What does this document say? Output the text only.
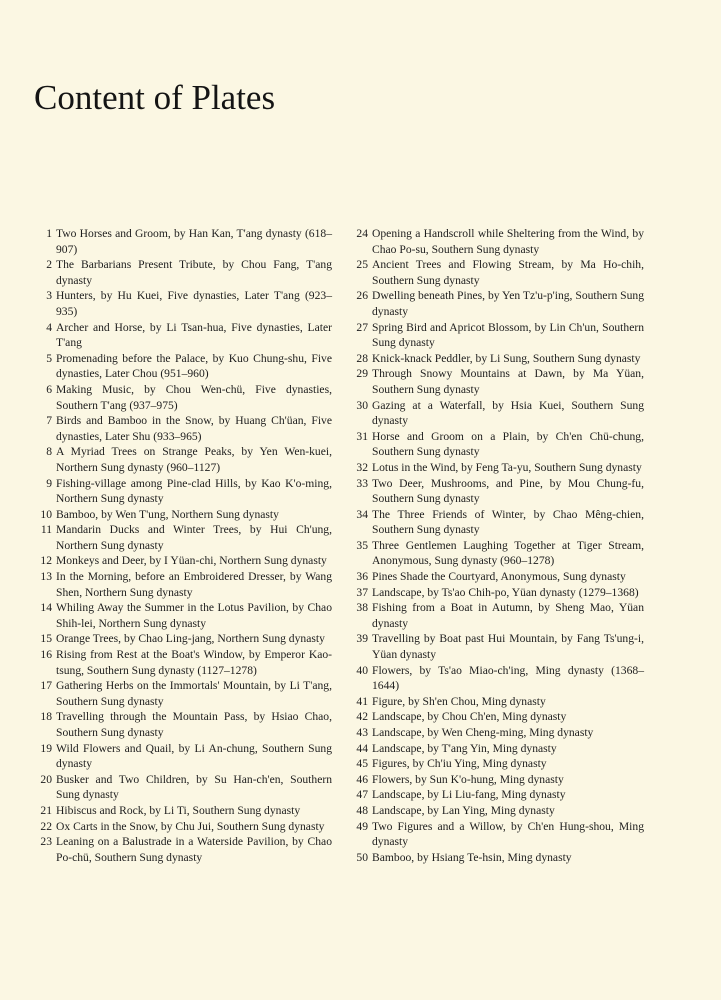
Content of Plates
1 Two Horses and Groom, by Han Kan, T'ang dynasty (618–907)
2 The Barbarians Present Tribute, by Chou Fang, T'ang dynasty
3 Hunters, by Hu Kuei, Five dynasties, Later T'ang (923–935)
4 Archer and Horse, by Li Tsan-hua, Five dynasties, Later T'ang
5 Promenading before the Palace, by Kuo Chung-shu, Five dynasties, Later Chou (951–960)
6 Making Music, by Chou Wen-chü, Five dynasties, Southern T'ang (937–975)
7 Birds and Bamboo in the Snow, by Huang Ch'üan, Five dynasties, Later Shu (933–965)
8 A Myriad Trees on Strange Peaks, by Yen Wen-kuei, Northern Sung dynasty (960–1127)
9 Fishing-village among Pine-clad Hills, by Kao K'o-ming, Northern Sung dynasty
10 Bamboo, by Wen T'ung, Northern Sung dynasty
11 Mandarin Ducks and Winter Trees, by Hui Ch'ung, Northern Sung dynasty
12 Monkeys and Deer, by I Yüan-chi, Northern Sung dynasty
13 In the Morning, before an Embroidered Dresser, by Wang Shen, Northern Sung dynasty
14 Whiling Away the Summer in the Lotus Pavilion, by Chao Shih-lei, Northern Sung dynasty
15 Orange Trees, by Chao Ling-jang, Northern Sung dynasty
16 Rising from Rest at the Boat's Window, by Emperor Kao-tsung, Southern Sung dynasty (1127–1278)
17 Gathering Herbs on the Immortals' Mountain, by Li T'ang, Southern Sung dynasty
18 Travelling through the Mountain Pass, by Hsiao Chao, Southern Sung dynasty
19 Wild Flowers and Quail, by Li An-chung, Southern Sung dynasty
20 Busker and Two Children, by Su Han-ch'en, Southern Sung dynasty
21 Hibiscus and Rock, by Li Ti, Southern Sung dynasty
22 Ox Carts in the Snow, by Chu Jui, Southern Sung dynasty
23 Leaning on a Balustrade in a Waterside Pavilion, by Chao Po-chü, Southern Sung dynasty
24 Opening a Handscroll while Sheltering from the Wind, by Chao Po-su, Southern Sung dynasty
25 Ancient Trees and Flowing Stream, by Ma Ho-chih, Southern Sung dynasty
26 Dwelling beneath Pines, by Yen Tz'u-p'ing, Southern Sung dynasty
27 Spring Bird and Apricot Blossom, by Lin Ch'un, Southern Sung dynasty
28 Knick-knack Peddler, by Li Sung, Southern Sung dynasty
29 Through Snowy Mountains at Dawn, by Ma Yüan, Southern Sung dynasty
30 Gazing at a Waterfall, by Hsia Kuei, Southern Sung dynasty
31 Horse and Groom on a Plain, by Ch'en Chü-chung, Southern Sung dynasty
32 Lotus in the Wind, by Feng Ta-yu, Southern Sung dynasty
33 Two Deer, Mushrooms, and Pine, by Mou Chung-fu, Southern Sung dynasty
34 The Three Friends of Winter, by Chao Mêng-chien, Southern Sung dynasty
35 Three Gentlemen Laughing Together at Tiger Stream, Anonymous, Sung dynasty (960–1278)
36 Pines Shade the Courtyard, Anonymous, Sung dynasty
37 Landscape, by Ts'ao Chih-po, Yüan dynasty (1279–1368)
38 Fishing from a Boat in Autumn, by Sheng Mao, Yüan dynasty
39 Travelling by Boat past Hui Mountain, by Fang Ts'ung-i, Yüan dynasty
40 Flowers, by Ts'ao Miao-ch'ing, Ming dynasty (1368–1644)
41 Figure, by Sh'en Chou, Ming dynasty
42 Landscape, by Chou Ch'en, Ming dynasty
43 Landscape, by Wen Cheng-ming, Ming dynasty
44 Landscape, by T'ang Yin, Ming dynasty
45 Figures, by Ch'iu Ying, Ming dynasty
46 Flowers, by Sun K'o-hung, Ming dynasty
47 Landscape, by Li Liu-fang, Ming dynasty
48 Landscape, by Lan Ying, Ming dynasty
49 Two Figures and a Willow, by Ch'en Hung-shou, Ming dynasty
50 Bamboo, by Hsiang Te-hsin, Ming dynasty
